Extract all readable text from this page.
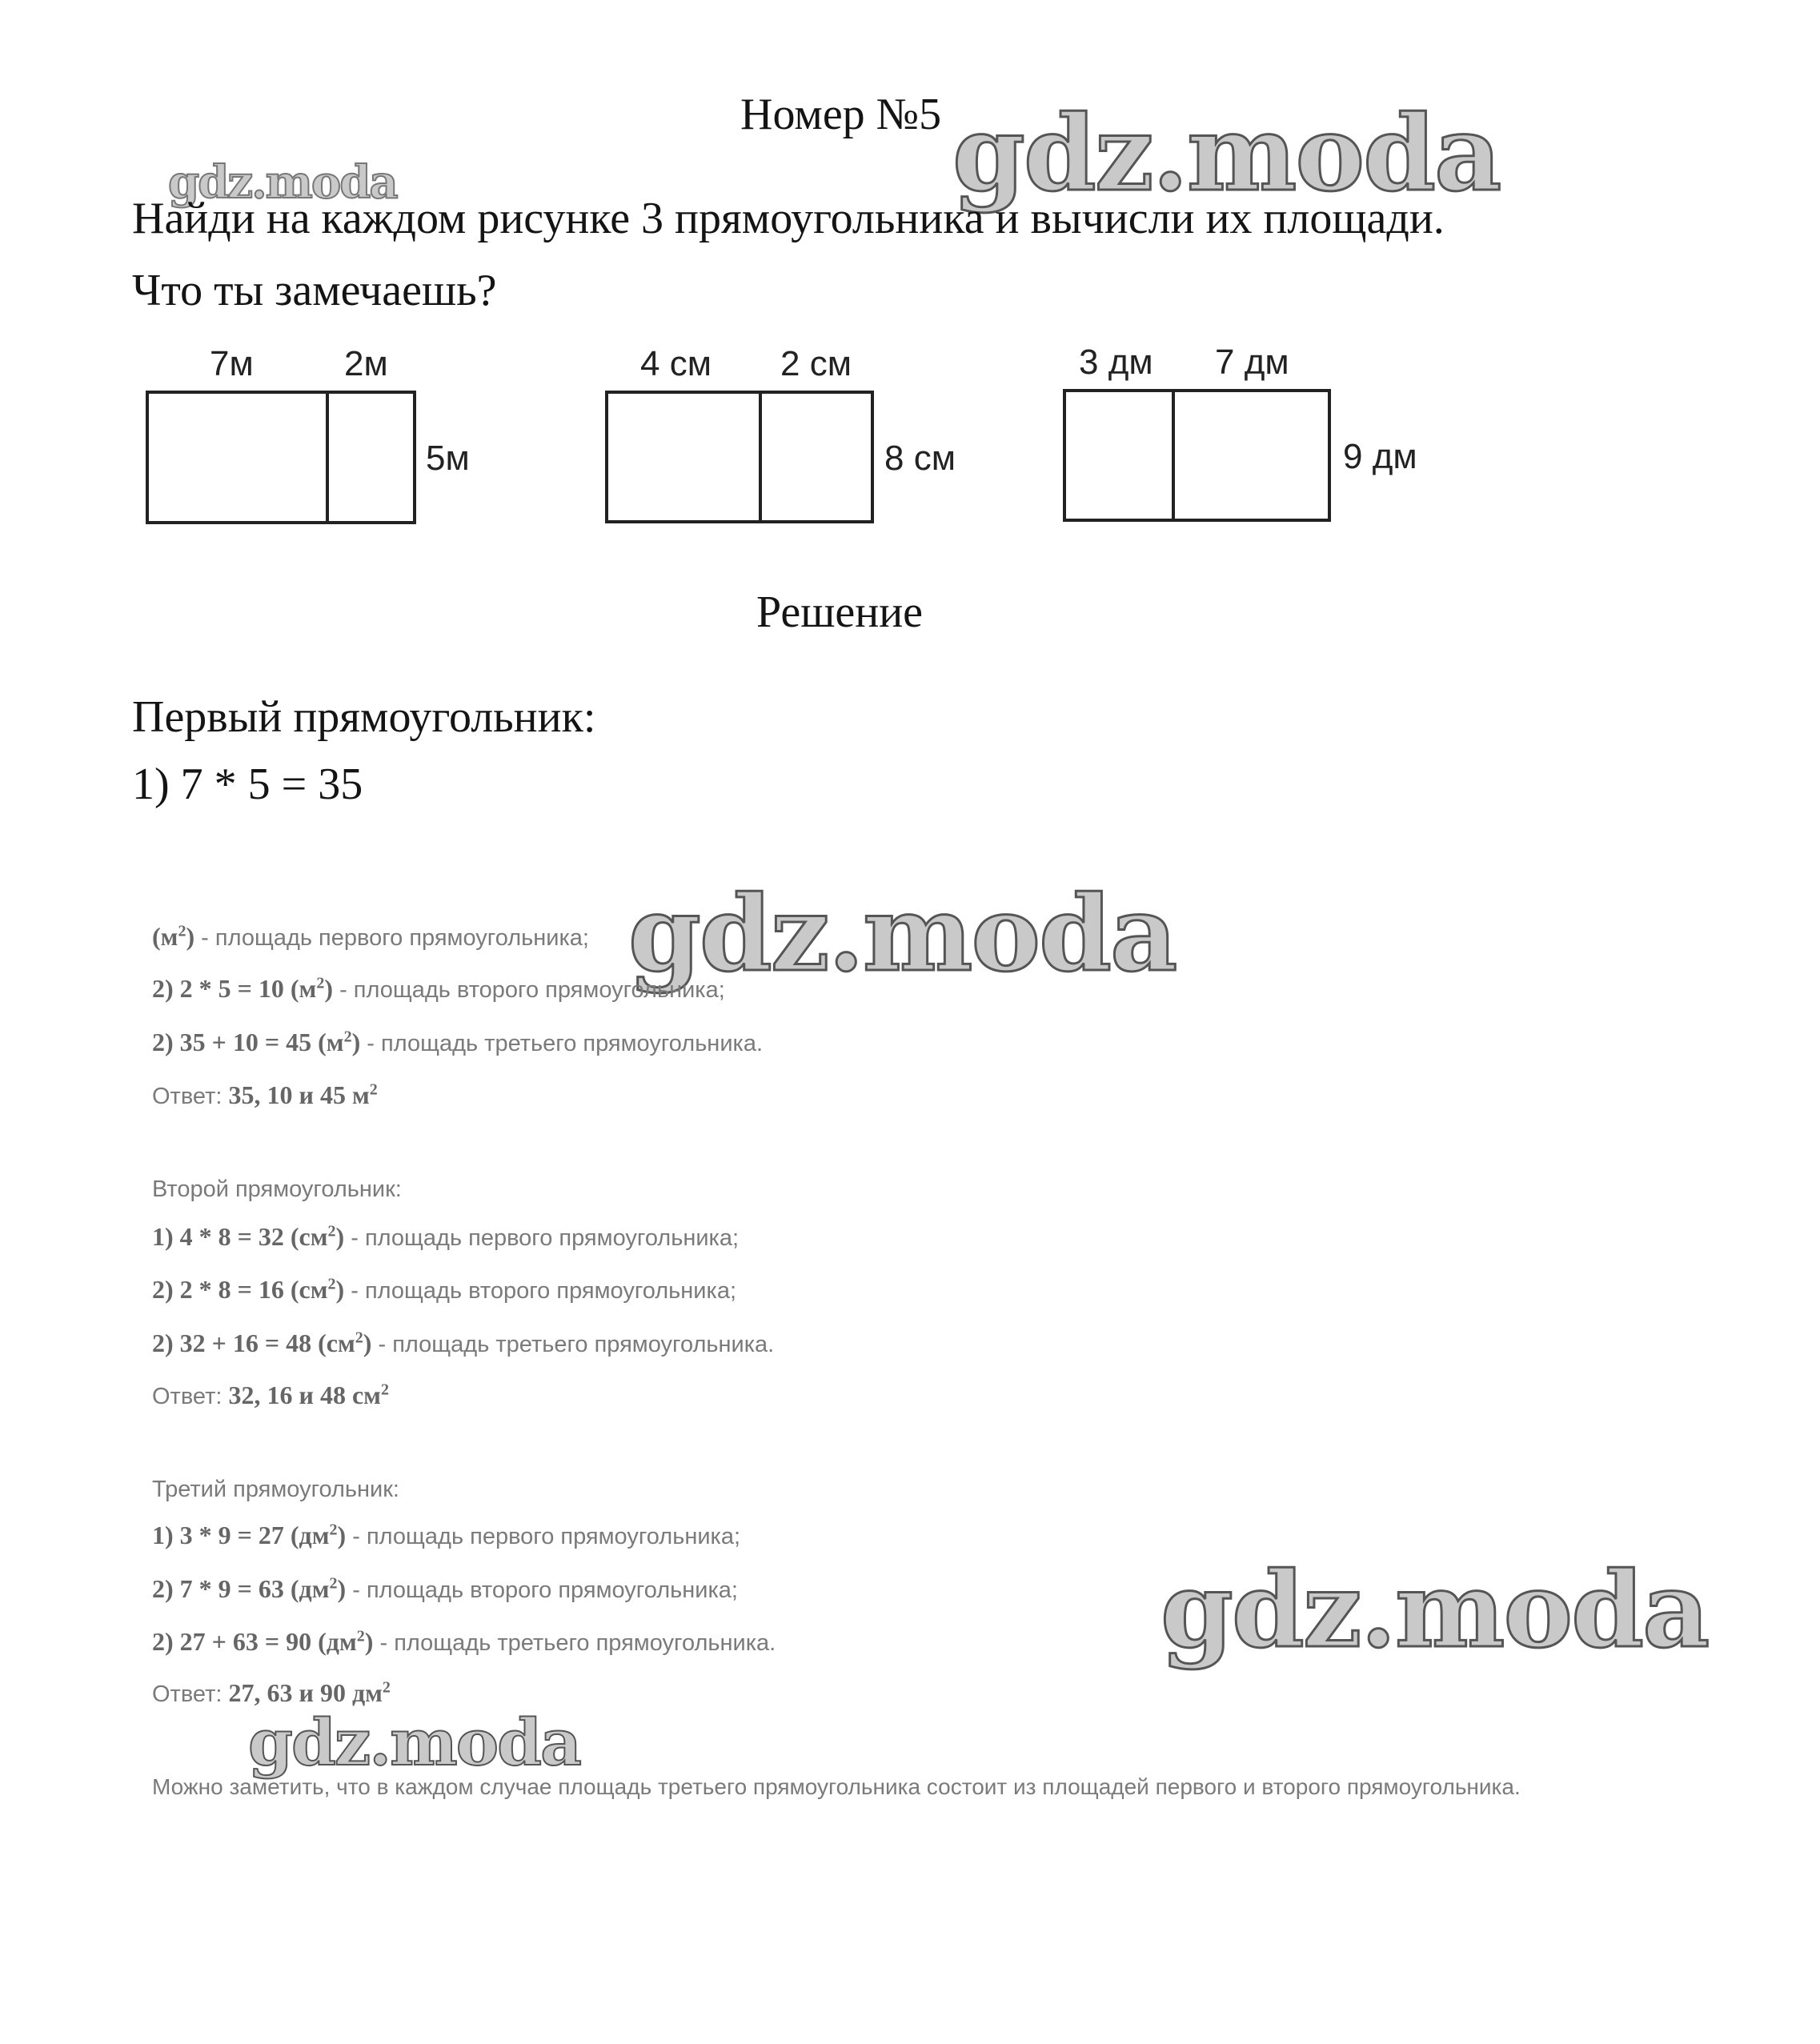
Номер №5 gdz.moda
gdz.moda
gdz.moda
gdz.moda
gdz.moda
Найди на каждом рисунке 3 прямоугольника и вычисли их площади.
Что ты замечаешь?
7м	2м
5м
4 см 2 см
8 см
3 дм 7 дм
9 дм
Решение
Первый прямоугольник:
1) 7 * 5 = 35
$(м^2)$ - площадь первого прямоугольника;
2) 2 * 5 = 10 $(м^2)$ - площадь второго прямоугольника;
2) 35 + 10 = 45 $(м^2)$ - площадь третьего прямоугольника.
Ответ: 35, 10 и 45 $м^2$
Второй прямоугольник:
1) 4 * 8 = 32 $(см^2)$ - площадь первого прямоугольника;
2) 2 * 8 = 16 $(см^2)$ - площадь второго прямоугольника;
2) 32 + 16 = 48 $(см^2)$ - площадь третьего прямоугольника.
Ответ: 32, 16 и 48 $см^2$
Третий прямоугольник:
1) 3 * 9 = 27 $(дм^2)$ - площадь первого прямоугольника;
2) 7 * 9 = 63 $(дм^2)$ - площадь второго прямоугольника;
2) 27 + 63 = 90 $(дм^2)$ - площадь третьего прямоугольника.
Ответ: 27, 63 и 90 $дм^2$
Можно заметить, что в каждом случае площадь третьего прямоугольника состоит из площадей первого и второго прямоугольника.
